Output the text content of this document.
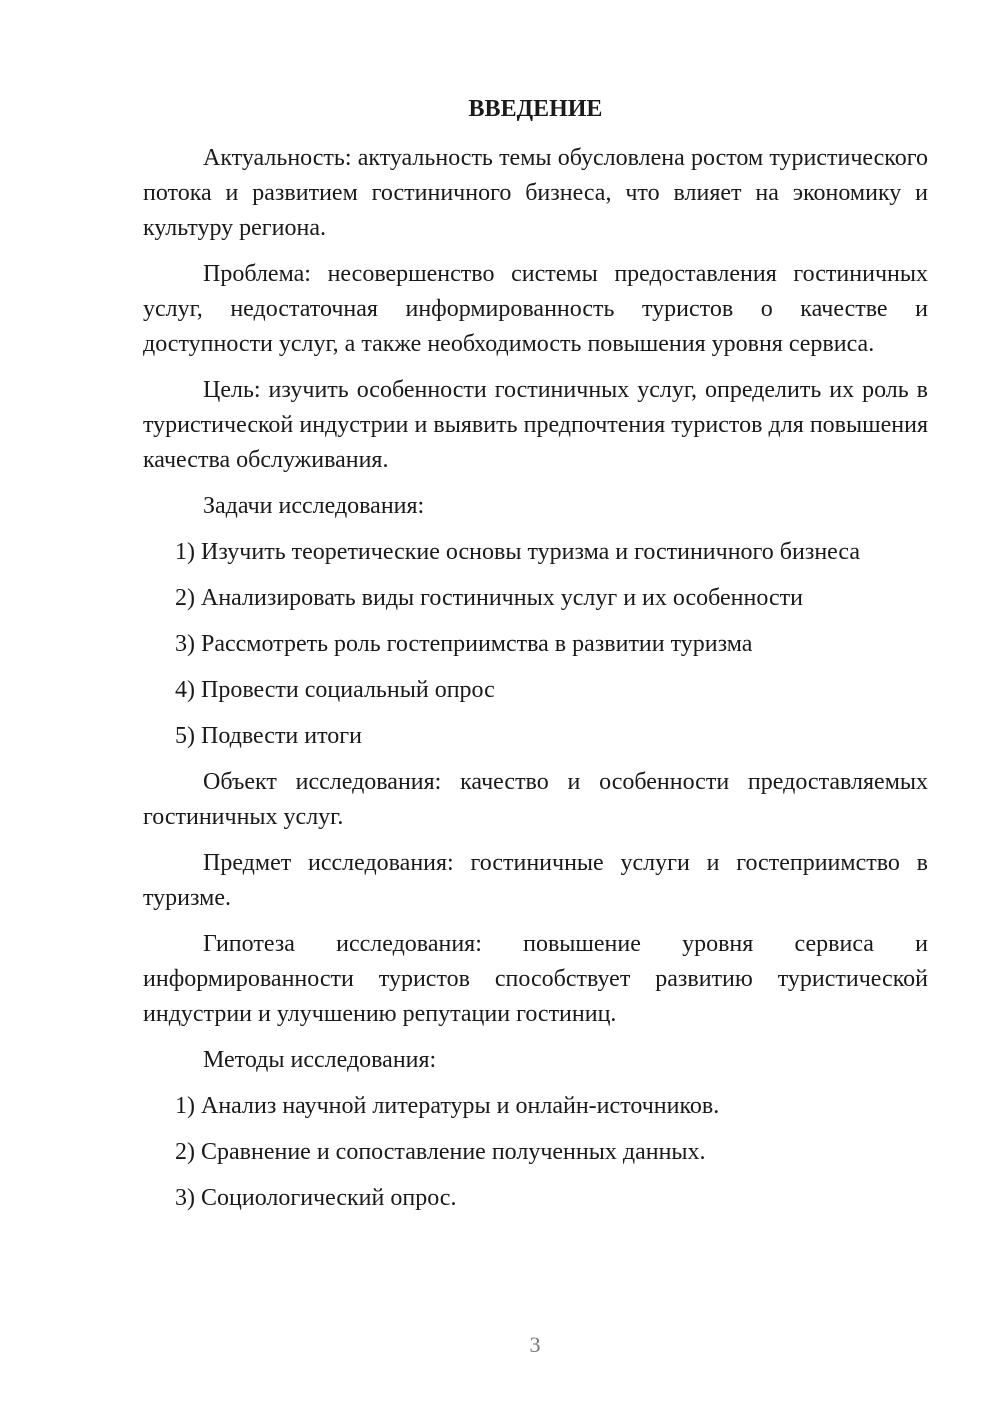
ВВЕДЕНИЕ

Актуальность: актуальность темы обусловлена ростом туристического потока и развитием гостиничного бизнеса, что влияет на экономику и культуру региона.

Проблема: несовершенство системы предоставления гостиничных услуг, недостаточная информированность туристов о качестве и доступности услуг, а также необходимость повышения уровня сервиса.

Цель: изучить особенности гостиничных услуг, определить их роль в туристической индустрии и выявить предпочтения туристов для повышения качества обслуживания.

Задачи исследования:

1) Изучить теоретические основы туризма и гостиничного бизнеса
2) Анализировать виды гостиничных услуг и их особенности
3) Рассмотреть роль гостеприимства в развитии туризма
4) Провести социальный опрос
5) Подвести итоги

Объект исследования: качество и особенности предоставляемых гостиничных услуг.

Предмет исследования: гостиничные услуги и гостеприимство в туризме.

Гипотеза исследования: повышение уровня сервиса и информированности туристов способствует развитию туристической индустрии и улучшению репутации гостиниц.

Методы исследования:

1) Анализ научной литературы и онлайн-источников.
2) Сравнение и сопоставление полученных данных.
3) Социологический опрос.
3
